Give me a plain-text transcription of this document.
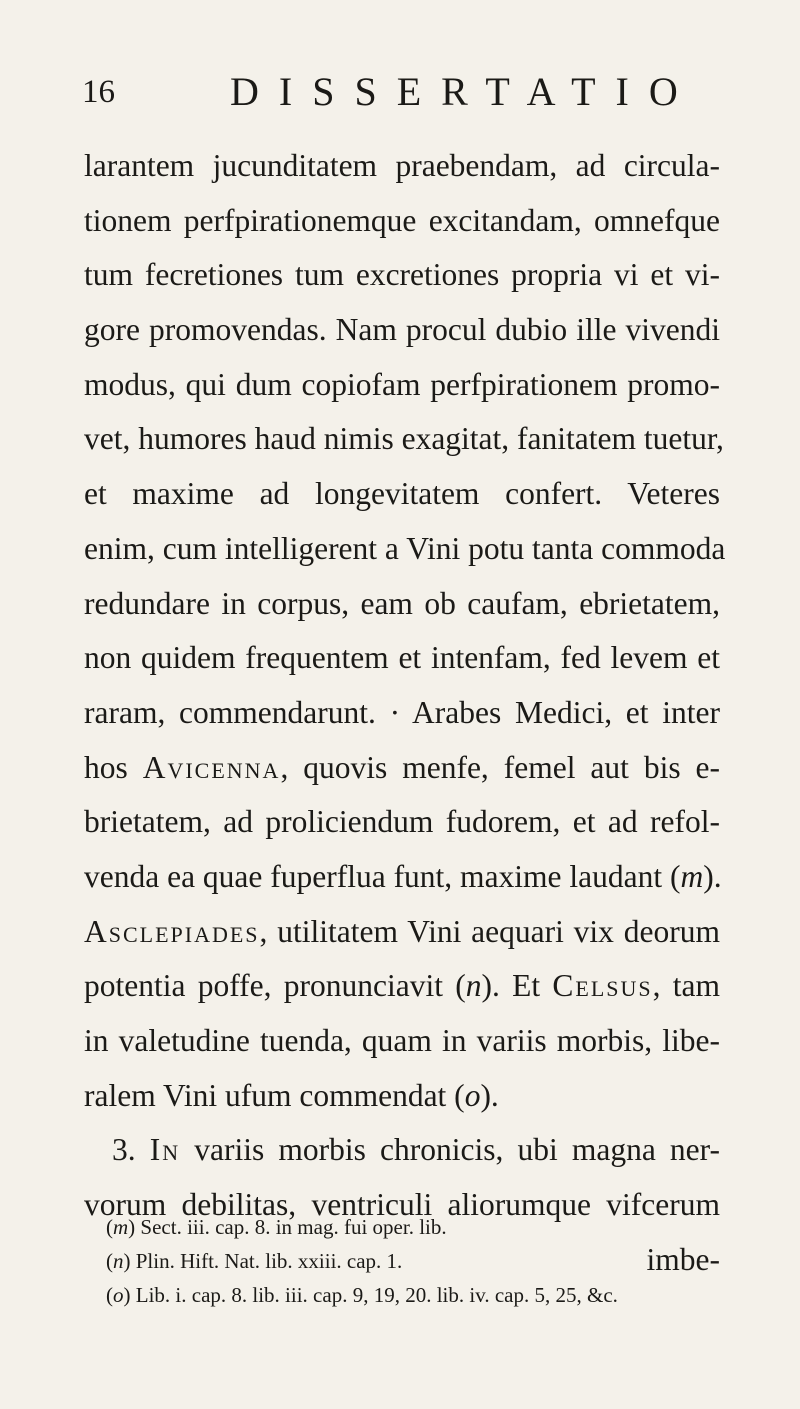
16	DISSERTATIO
larantem jucunditatem praebendam, ad circula-
tionem perfpirationemque excitandam, omnefque
tum fecretiones tum excretiones propria vi et vi-
gore promovendas. Nam procul dubio ille vivendi
modus, qui dum copiofam perfpirationem promo-
vet, humores haud nimis exagitat, fanitatem tuetur,
et maxime ad longevitatem confert. Veteres
enim, cum intelligerent a Vini potu tanta commoda
redundare in corpus, eam ob caufam, ebrietatem,
non quidem frequentem et intenfam, fed levem et
raram, commendarunt. · Arabes Medici, et inter
hos Avicenna, quovis menfe, femel aut bis e-
brietatem, ad proliciendum fudorem, et ad refol-
venda ea quae fuperflua funt, maxime laudant (m).
Asclepiades, utilitatem Vini aequari vix deorum
potentia poffe, pronunciavit (n). Et Celsus, tam
in valetudine tuenda, quam in variis morbis, libe-
ralem Vini ufum commendat (o).
3. In variis morbis chronicis, ubi magna ner-
vorum debilitas, ventriculi aliorumque vifcerum
imbe-
(m) Sect. iii. cap. 8. in mag. fui oper. lib.
(n) Plin. Hift. Nat. lib. xxiii. cap. 1.
(o) Lib. i. cap. 8. lib. iii. cap. 9, 19, 20. lib. iv. cap. 5, 25, &c.
